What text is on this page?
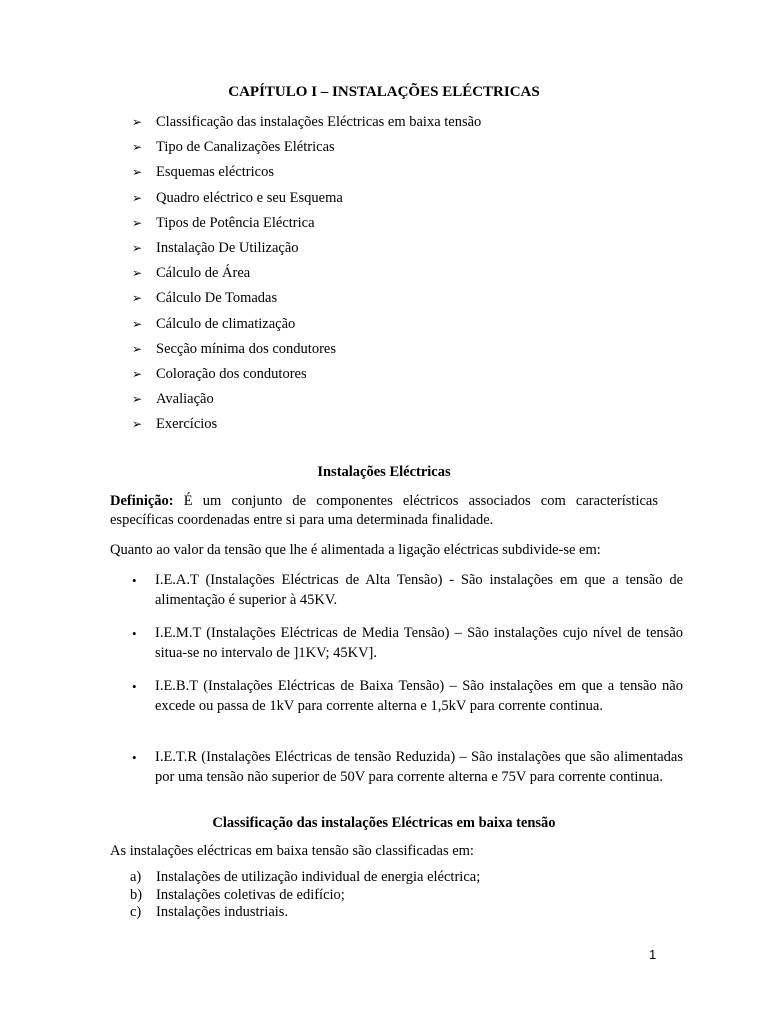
CAPÍTULO I – INSTALAÇÕES ELÉCTRICAS
➢ Classificação das instalações Eléctricas em baixa tensão
➢ Tipo de Canalizações Elétricas
➢ Esquemas eléctricos
➢ Quadro eléctrico e seu Esquema
➢ Tipos de Potência Eléctrica
➢ Instalação De Utilização
➢ Cálculo de Área
➢ Cálculo De Tomadas
➢ Cálculo de climatização
➢ Secção mínima dos condutores
➢ Coloração dos condutores
➢ Avaliação
➢ Exercícios
Instalações Eléctricas

Definição: É um conjunto de componentes eléctricos associados com características específicas coordenadas entre si para uma determinada finalidade.

Quanto ao valor da tensão que lhe é alimentada a ligação eléctricas subdivide-se em:

• I.E.A.T (Instalações Eléctricas de Alta Tensão) - São instalações em que a tensão de alimentação é superior à 45KV.
• I.E.M.T (Instalações Eléctricas de Media Tensão) – São instalações cujo nível de tensão situa-se no intervalo de ]1KV; 45KV].
• I.E.B.T (Instalações Eléctricas de Baixa Tensão) – São instalações em que a tensão não excede ou passa de 1kV para corrente alterna e 1,5kV para corrente continua.
• I.E.T.R (Instalações Eléctricas de tensão Reduzida) – São instalações que são alimentadas por uma tensão não superior de 50V para corrente alterna e 75V para corrente continua.
Classificação das instalações Eléctricas em baixa tensão

As instalações eléctricas em baixa tensão são classificadas em:

a)	Instalações de utilização individual de energia eléctrica;
b) Instalações coletivas de edifício;
c)	Instalações industriais.

1
